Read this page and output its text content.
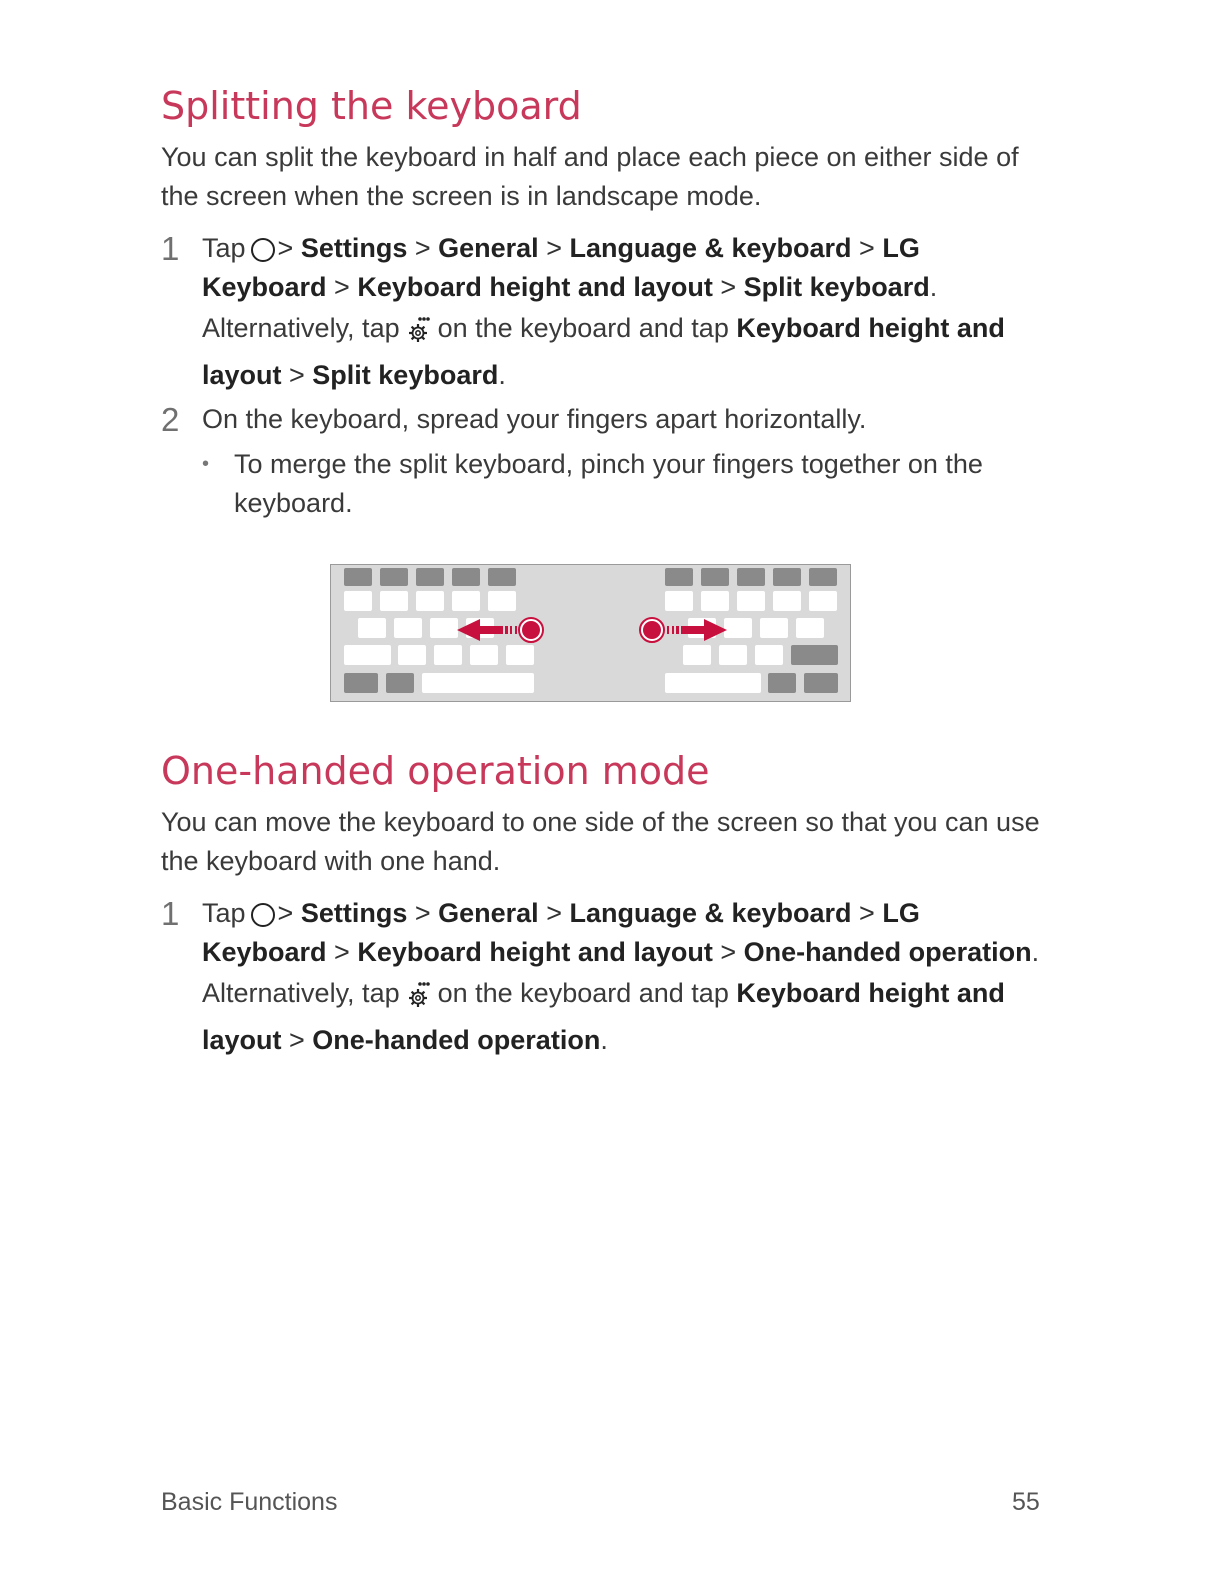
Splitting the keyboard

You can split the keyboard in half and place each piece on either side of the screen when the screen is in landscape mode.

1 Tap > Settings > General > Language & keyboard > LG Keyboard > Keyboard height and layout > Split keyboard.

Alternatively, tap on the keyboard and tap Keyboard height and layout > Split keyboard.

2 On the keyboard, spread your fingers apart horizontally.

• To merge the split keyboard, pinch your fingers together on the keyboard.
One-handed operation mode

You can move the keyboard to one side of the screen so that you can use the keyboard with one hand.

1 Tap > Settings > General > Language & keyboard > LG Keyboard > Keyboard height and layout > One-handed operation.

Alternatively, tap on the keyboard and tap Keyboard height and layout > One-handed operation.

Basic Functions	55
